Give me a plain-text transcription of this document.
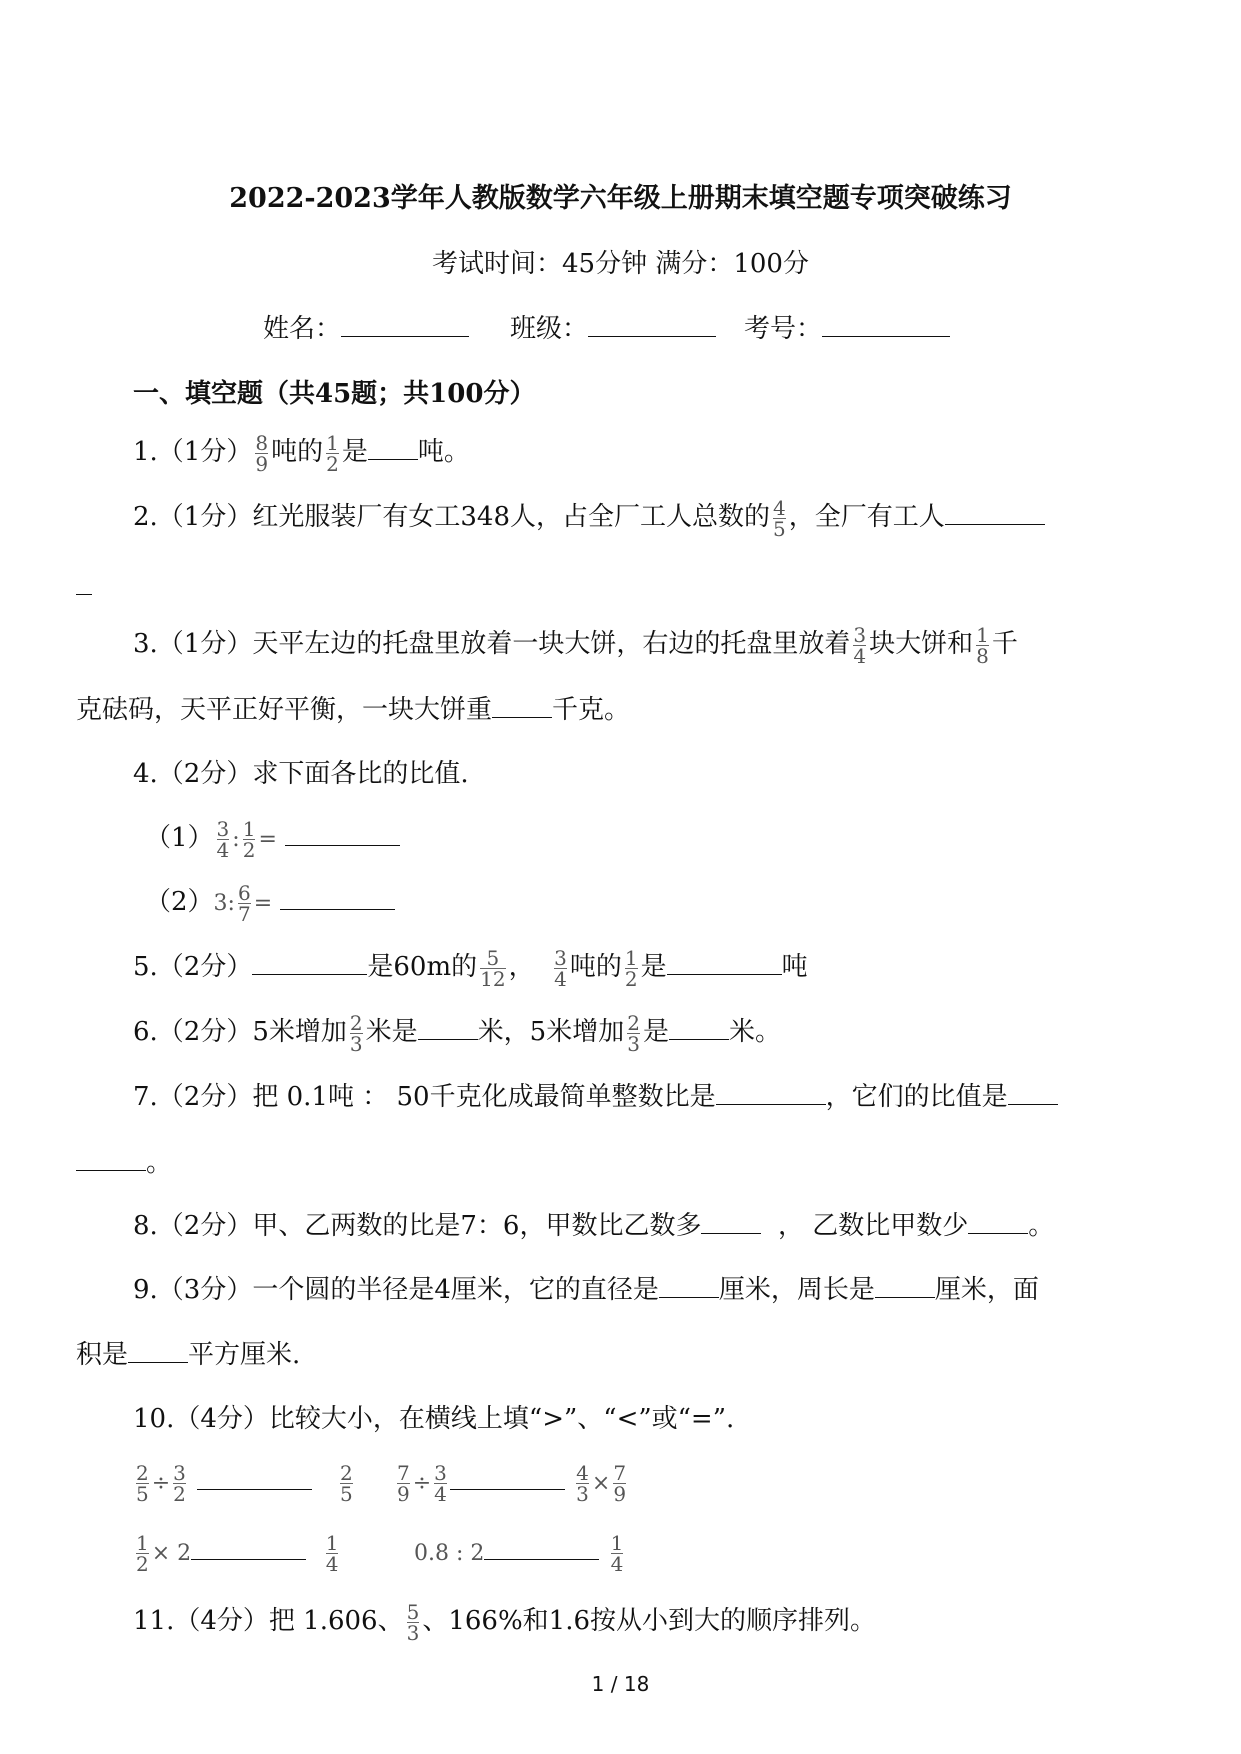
2022-2023学年人教版数学六年级上册期末填空题专项突破练习
考试时间：45分钟 满分：100分
姓名：	班级：	考号：
一、填空题（共45题；共100分）
1.（1分） $\frac{8}{9}$ 吨的 $\frac{1}{2}$ 是 吨。
2.（1分）红光服装厂有女工348人，占全厂工人总数的 $\frac{4}{5}$ ，全厂有工人
3.（1分）天平左边的托盘里放着一块大饼，右边的托盘里放着 $\frac{3}{4}$ 块大饼和 $\frac{1}{8}$ 千
克砝码，天平正好平衡，一块大饼重 千克。
4.（2分）求下面各比的比值.
$(1) \frac{3}{4}$ : $\frac{1}{2}$ =
（2）3: $\frac{6}{7}$ =
5.（2分）	是60m的 $\frac{5}{12}$ ， $\frac{3}{4}$ 吨的 $\frac{1}{2}$ 是	吨
6.（2分）5米增加 $\frac{2}{3}$ 米是 米，5米增加 $\frac{2}{3}$ 是 米。
7.（2分）把 0.1吨 ： 50千克化成最简单整数比是	，它们的比值是
。
8.（2分）甲、乙两数的比是7：6，甲数比乙数多	， 乙数比甲数少 。
9.（3分）一个圆的半径是4厘米，它的直径是 厘米，周长是 厘米，面
积是 平方厘米.
10.（4分）比较大小，在横线上填“>”、“<”或“=”.
$\frac{2}{5} \div \frac{3}{2}$
	$\frac{2}{5} \frac{7}{9} \div \frac{3}{4}$
	$\frac{4}{3} \times \frac{7}{9}$
$\frac{1}{2} \times 2$	$\frac{1}{4}$	0.8 : 2	$\frac{1}{4}$
11.（4分）把 1.606、 $\frac{5}{3}$ 、166%和1.6按从小到大的顺序排列。
1 / 18
